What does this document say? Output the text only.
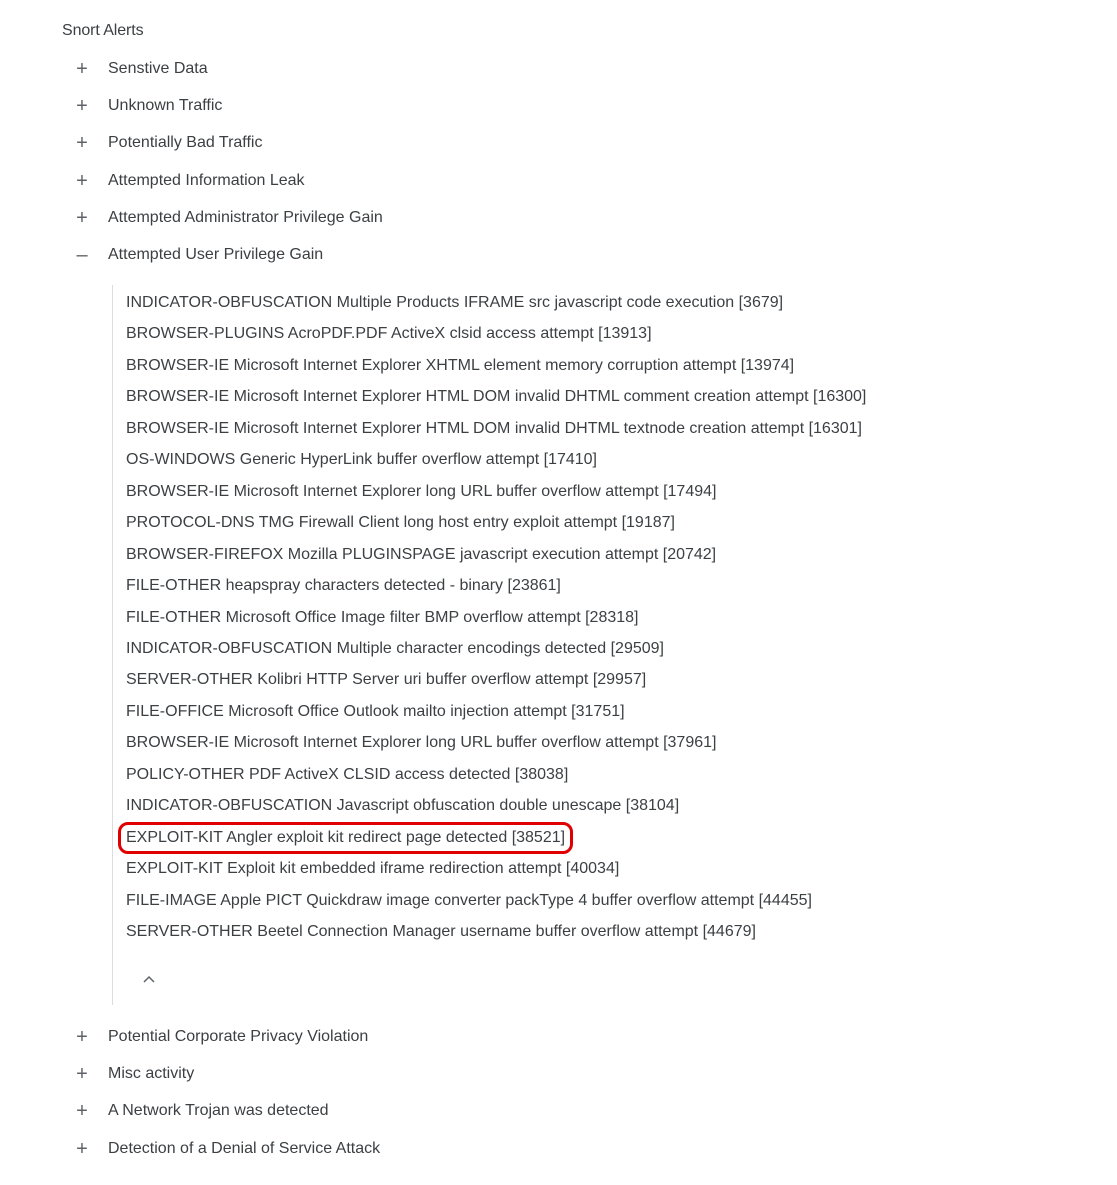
Snort Alerts
+ Senstive Data
+ Unknown Traffic
+ Potentially Bad Traffic
+ Attempted Information Leak
+ Attempted Administrator Privilege Gain
– Attempted User Privilege Gain
INDICATOR-OBFUSCATION Multiple Products IFRAME src javascript code execution [3679]
BROWSER-PLUGINS AcroPDF.PDF ActiveX clsid access attempt [13913]
BROWSER-IE Microsoft Internet Explorer XHTML element memory corruption attempt [13974]
BROWSER-IE Microsoft Internet Explorer HTML DOM invalid DHTML comment creation attempt [16300]
BROWSER-IE Microsoft Internet Explorer HTML DOM invalid DHTML textnode creation attempt [16301]
OS-WINDOWS Generic HyperLink buffer overflow attempt [17410]
BROWSER-IE Microsoft Internet Explorer long URL buffer overflow attempt [17494]
PROTOCOL-DNS TMG Firewall Client long host entry exploit attempt [19187]
BROWSER-FIREFOX Mozilla PLUGINSPAGE javascript execution attempt [20742]
FILE-OTHER heapspray characters detected - binary [23861]
FILE-OTHER Microsoft Office Image filter BMP overflow attempt [28318]
INDICATOR-OBFUSCATION Multiple character encodings detected [29509]
SERVER-OTHER Kolibri HTTP Server uri buffer overflow attempt [29957]
FILE-OFFICE Microsoft Office Outlook mailto injection attempt [31751]
BROWSER-IE Microsoft Internet Explorer long URL buffer overflow attempt [37961]
POLICY-OTHER PDF ActiveX CLSID access detected [38038]
INDICATOR-OBFUSCATION Javascript obfuscation double unescape [38104]
EXPLOIT-KIT Angler exploit kit redirect page detected [38521]
EXPLOIT-KIT Exploit kit embedded iframe redirection attempt [40034]
FILE-IMAGE Apple PICT Quickdraw image converter packType 4 buffer overflow attempt [44455]
SERVER-OTHER Beetel Connection Manager username buffer overflow attempt [44679]
+ Potential Corporate Privacy Violation
+ Misc activity
+ A Network Trojan was detected
+ Detection of a Denial of Service Attack
